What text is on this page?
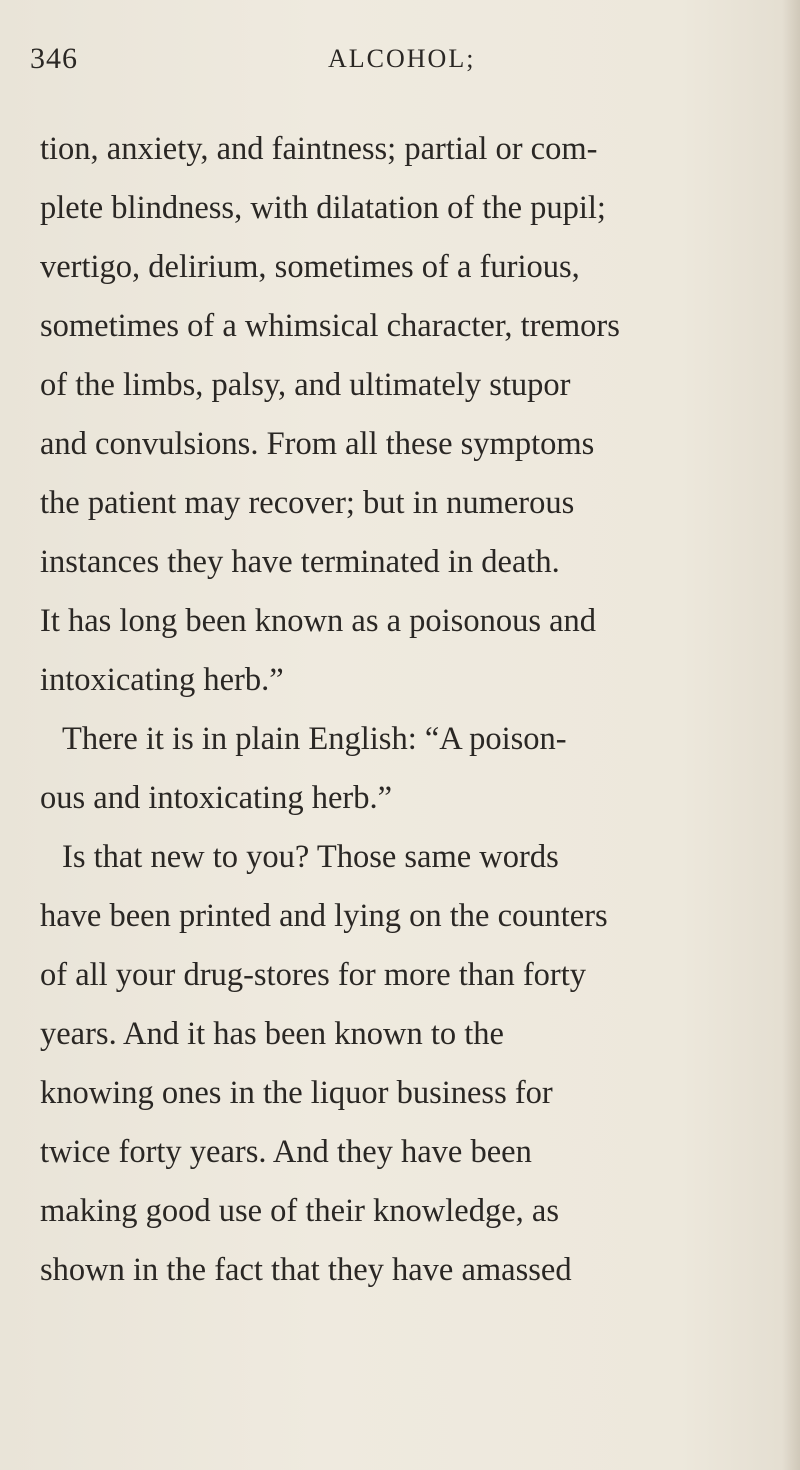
346	ALCOHOL;
tion, anxiety, and faintness; partial or com-
plete blindness, with dilatation of the pupil;
vertigo, delirium, sometimes of a furious,
sometimes of a whimsical character, tremors
of the limbs, palsy, and ultimately stupor
and convulsions. From all these symptoms
the patient may recover; but in numerous
instances they have terminated in death.
It has long been known as a poisonous and
intoxicating herb.”
There it is in plain English: “A poison-
ous and intoxicating herb.”
Is that new to you? Those same words
have been printed and lying on the counters
of all your drug-stores for more than forty
years. And it has been known to the
knowing ones in the liquor business for
twice forty years. And they have been
making good use of their knowledge, as
shown in the fact that they have amassed
